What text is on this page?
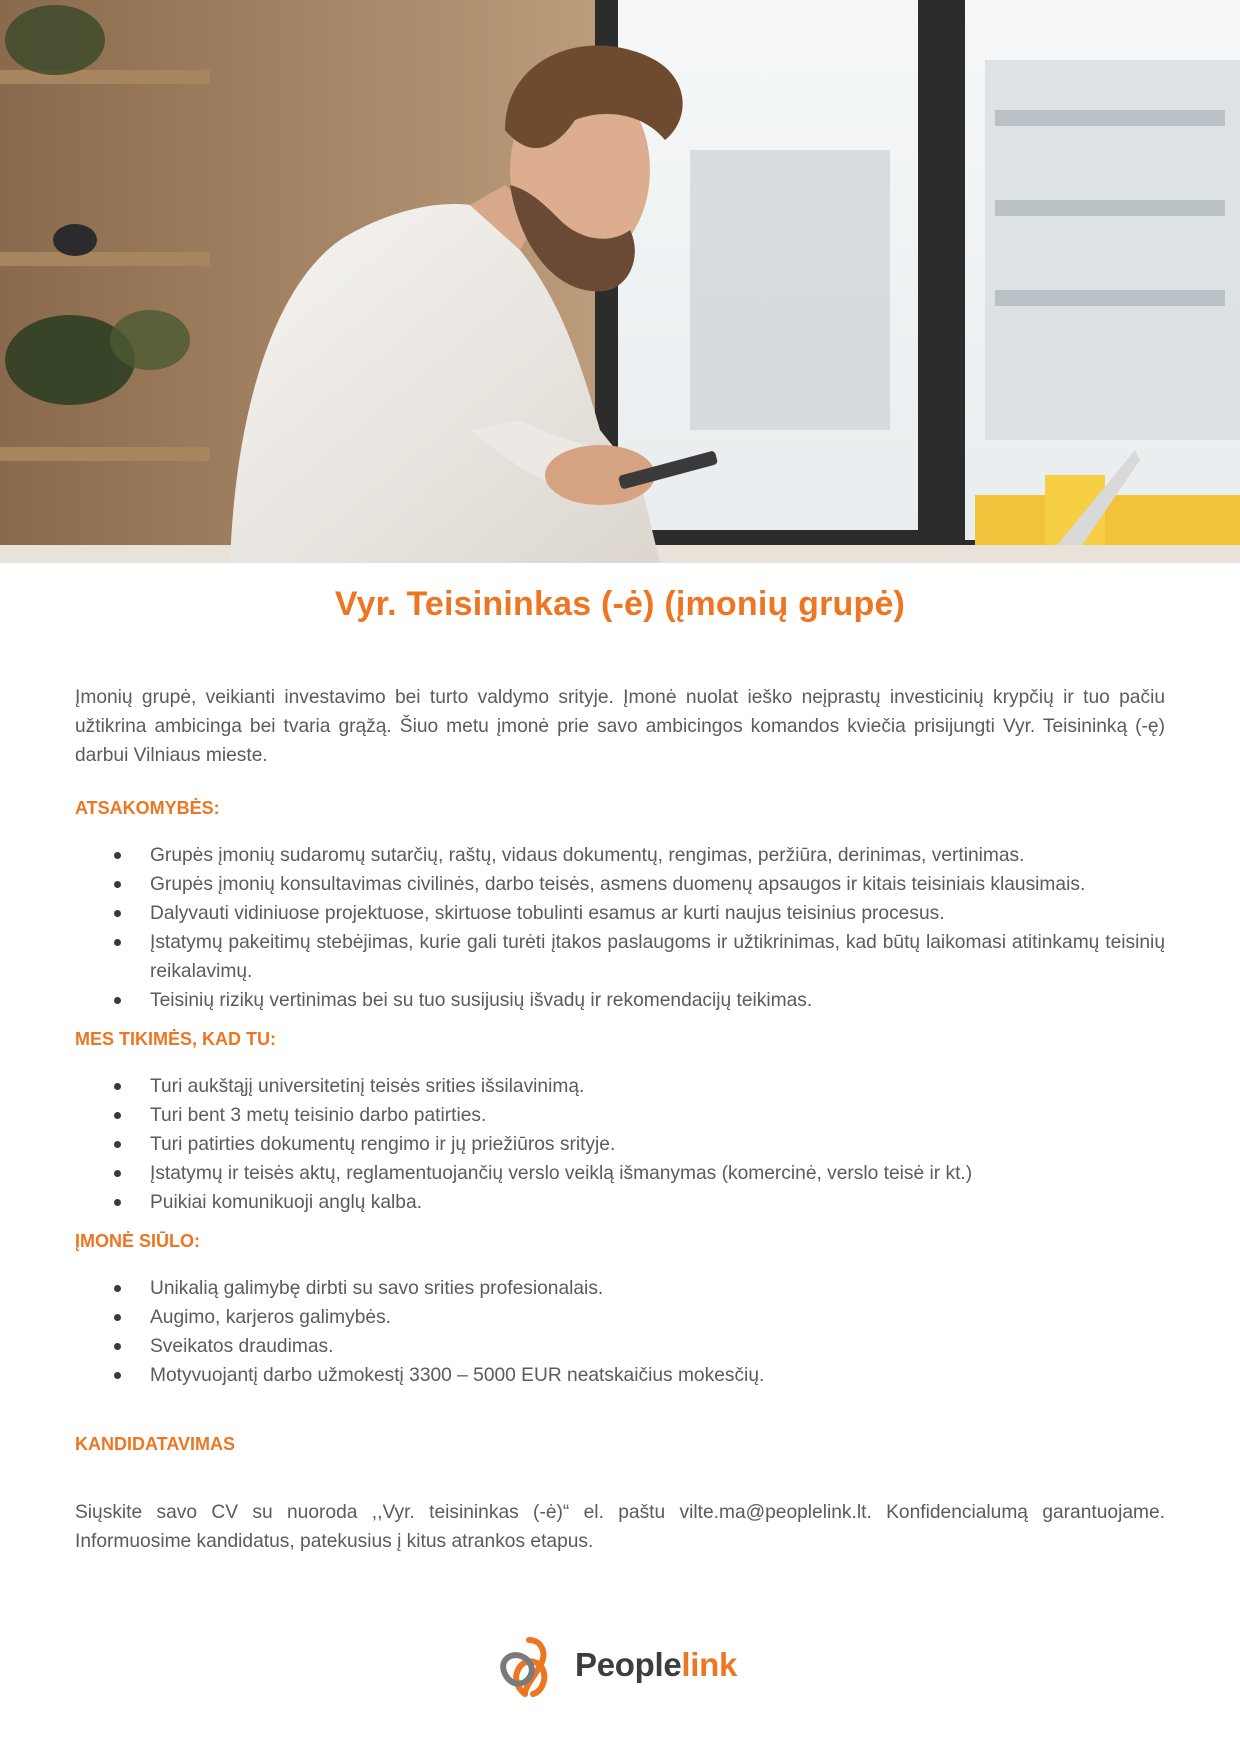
Vyr. Teisininkas (-ė) (įmonių grupė)

Įmonių grupė, veikianti investavimo bei turto valdymo srityje. Įmonė nuolat ieško neįprastų investicinių krypčių ir tuo pačiu užtikrina ambicinga bei tvaria grąžą. Šiuo metu įmonė prie savo ambicingos komandos kviečia prisijungti Vyr. Teisininką (-ę) darbui Vilniaus mieste.

ATSAKOMYBĖS:
Grupės įmonių sudaromų sutarčių, raštų, vidaus dokumentų, rengimas, peržiūra, derinimas, vertinimas.
Grupės įmonių konsultavimas civilinės, darbo teisės, asmens duomenų apsaugos ir kitais teisiniais klausimais.
Dalyvauti vidiniuose projektuose, skirtuose tobulinti esamus ar kurti naujus teisinius procesus.
Įstatymų pakeitimų stebėjimas, kurie gali turėti įtakos paslaugoms ir užtikrinimas, kad būtų laikomasi atitinkamų teisinių reikalavimų.
Teisinių rizikų vertinimas bei su tuo susijusių išvadų ir rekomendacijų teikimas.
MES TIKIMĖS, KAD TU:
Turi aukštąjį universitetinį teisės srities išsilavinimą.
Turi bent 3 metų teisinio darbo patirties.
Turi patirties dokumentų rengimo ir jų priežiūros srityje.
Įstatymų ir teisės aktų, reglamentuojančių verslo veiklą išmanymas (komercinė, verslo teisė ir kt.)
Puikiai komunikuoji anglų kalba.
ĮMONĖ SIŪLO:
Unikalią galimybę dirbti su savo srities profesionalais.
Augimo, karjeros galimybės.
Sveikatos draudimas.
Motyvuojantį darbo užmokestį 3300 – 5000 EUR neatskaičius mokesčių.
KANDIDATAVIMAS

Siųskite savo CV su nuoroda ,,Vyr. teisininkas (-ė)“ el. paštu vilte.ma@peoplelink.lt. Konfidencialumą garantuojame. Informuosime kandidatus, patekusius į kitus atrankos etapus.

Peoplelink
